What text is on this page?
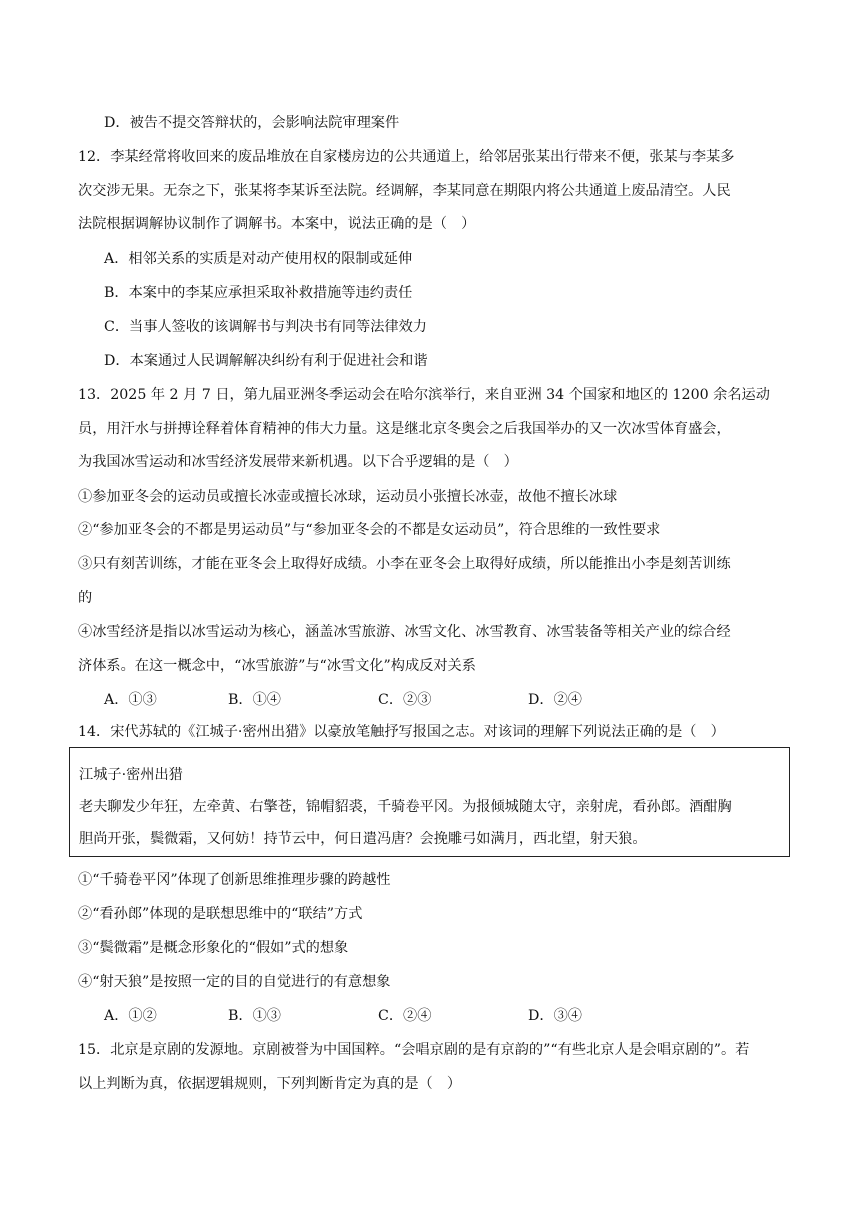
D．被告不提交答辩状的，会影响法院审理案件
12．李某经常将收回来的废品堆放在自家楼房边的公共通道上，给邻居张某出行带来不便，张某与李某多
次交涉无果。无奈之下，张某将李某诉至法院。经调解，李某同意在期限内将公共通道上废品清空。人民
法院根据调解协议制作了调解书。本案中，说法正确的是（　）
A．相邻关系的实质是对动产使用权的限制或延伸
B．本案中的李某应承担采取补救措施等违约责任
C．当事人签收的该调解书与判决书有同等法律效力
D．本案通过人民调解解决纠纷有利于促进社会和谐
13．2025 年 2 月 7 日，第九届亚洲冬季运动会在哈尔滨举行，来自亚洲 34 个国家和地区的 1200 余名运动
员，用汗水与拼搏诠释着体育精神的伟大力量。这是继北京冬奥会之后我国举办的又一次冰雪体育盛会，
为我国冰雪运动和冰雪经济发展带来新机遇。以下合乎逻辑的是（　）
①参加亚冬会的运动员或擅长冰壶或擅长冰球，运动员小张擅长冰壶，故他不擅长冰球
②“参加亚冬会的不都是男运动员”与“参加亚冬会的不都是女运动员”，符合思维的一致性要求
③只有刻苦训练，才能在亚冬会上取得好成绩。小李在亚冬会上取得好成绩，所以能推出小李是刻苦训练
的
④冰雪经济是指以冰雪运动为核心，涵盖冰雪旅游、冰雪文化、冰雪教育、冰雪装备等相关产业的综合经
济体系。在这一概念中，“冰雪旅游”与“冰雪文化”构成反对关系
A．①③	B．①④	C．②③	D．②④
14．宋代苏轼的《江城子·密州出猎》以豪放笔触抒写报国之志。对该词的理解下列说法正确的是（　）
江城子·密州出猎
老夫聊发少年狂，左牵黄、右擎苍，锦帽貂裘，千骑卷平冈。为报倾城随太守，亲射虎，看孙郎。酒酣胸
胆尚开张，鬓微霜，又何妨！持节云中，何日遣冯唐？会挽雕弓如满月，西北望，射天狼。
①“千骑卷平冈”体现了创新思维推理步骤的跨越性
②“看孙郎”体现的是联想思维中的“联结”方式
③“鬓微霜”是概念形象化的“假如”式的想象
④“射天狼”是按照一定的目的自觉进行的有意想象
A．①②	B．①③	C．②④	D．③④
15．北京是京剧的发源地。京剧被誉为中国国粹。“会唱京剧的是有京韵的”“有些北京人是会唱京剧的”。若
以上判断为真，依据逻辑规则，下列判断肯定为真的是（　）
